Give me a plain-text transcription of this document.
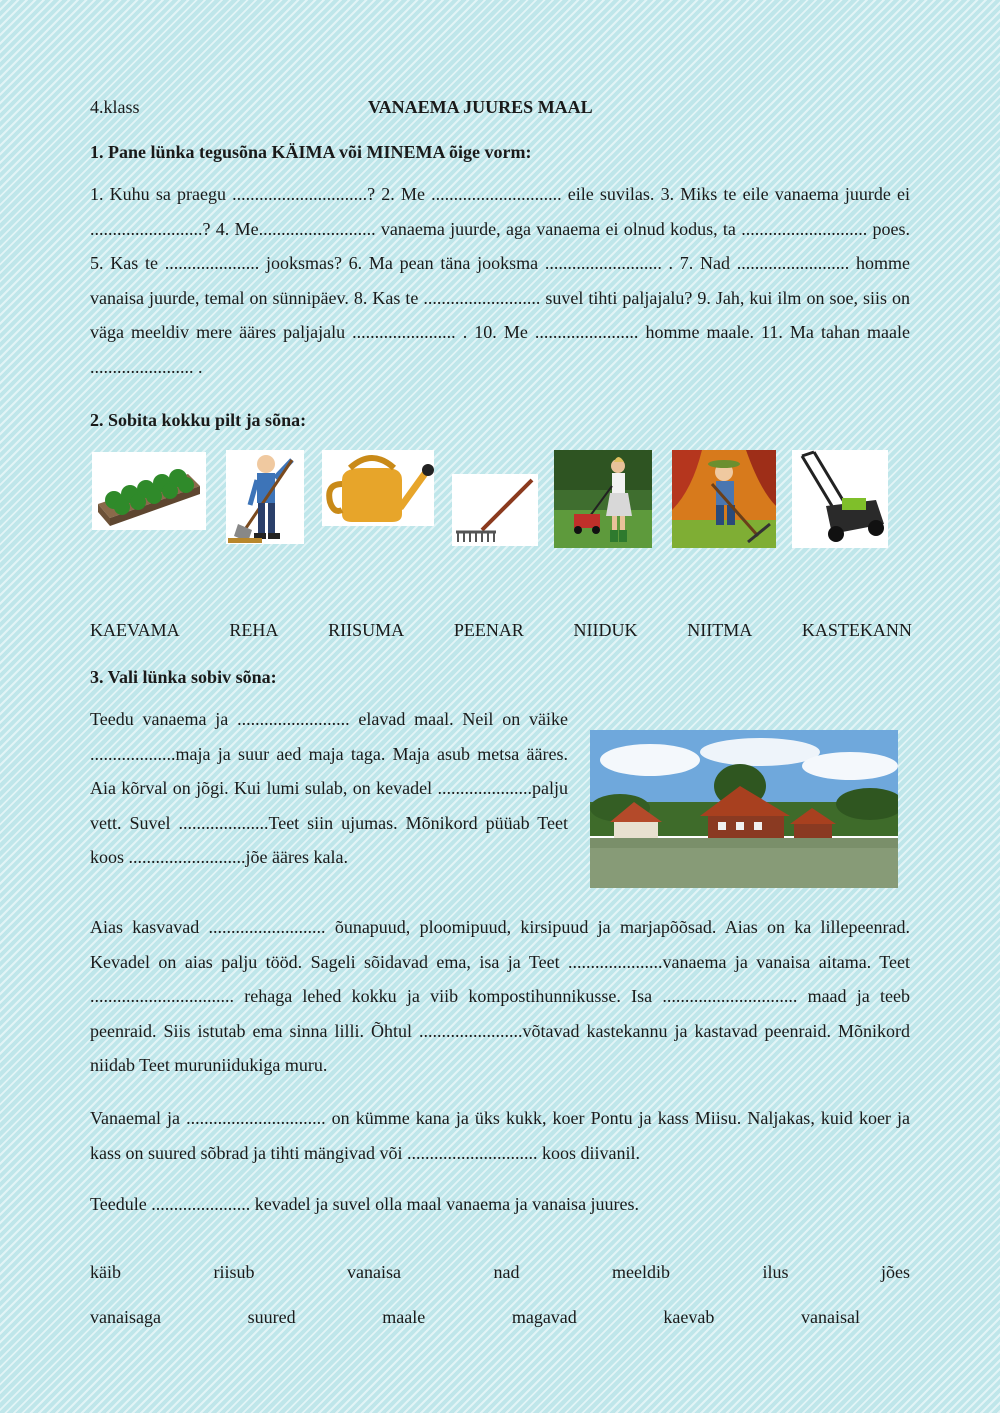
4.klass	VANAEMA JUURES MAAL
1. Pane lünka tegusõna KÄIMA või MINEMA õige vorm:
1. Kuhu sa praegu ..............................? 2. Me ............................. eile suvilas. 3. Miks te eile vanaema juurde ei .........................? 4. Me.......................... vanaema juurde, aga vanaema ei olnud kodus, ta ............................ poes. 5. Kas te ..................... jooksmas? 6. Ma pean täna jooksma .......................... . 7. Nad ......................... homme vanaisa juurde, temal on sünnipäev. 8. Kas te .......................... suvel tihti paljajalu? 9. Jah, kui ilm on soe, siis on väga meeldiv mere ääres paljajalu ....................... . 10. Me ....................... homme maale. 11. Ma tahan maale ....................... .
2. Sobita kokku pilt ja sõna:
KAEVAMA	REHA	RIISUMA	PEENAR	NIIDUK	NIITMA	KASTEKANN
3. Vali lünka sobiv sõna:
Teedu vanaema ja ......................... elavad maal. Neil on väike ...................maja ja suur aed maja taga. Maja asub metsa ääres. Aia kõrval on jõgi. Kui lumi sulab, on kevadel .....................palju vett. Suvel ....................Teet siin ujumas. Mõnikord püüab Teet koos ..........................jõe ääres kala.
Aias kasvavad .......................... õunapuud, ploomipuud, kirsipuud ja marjapõõsad. Aias on ka lillepeenrad. Kevadel on aias palju tööd. Sageli sõidavad ema, isa ja Teet .....................vanaema ja vanaisa aitama. Teet ................................ rehaga lehed kokku ja viib kompostihunnikusse. Isa .............................. maad ja teeb peenraid. Siis istutab ema sinna lilli. Õhtul .......................võtavad kastekannu ja kastavad peenraid. Mõnikord niidab Teet muruniidukiga muru.
Vanaemal ja ............................... on kümme kana ja üks kukk, koer Pontu ja kass Miisu. Naljakas, kuid koer ja kass on suured sõbrad ja tihti mängivad või ............................. koos diivanil.
Teedule ...................... kevadel ja suvel olla maal vanaema ja vanaisa juures.
käib	riisub	vanaisa	nad	meeldib	ilus	jões
vanaisaga	suured	maale	magavad	kaevab	vanaisal
